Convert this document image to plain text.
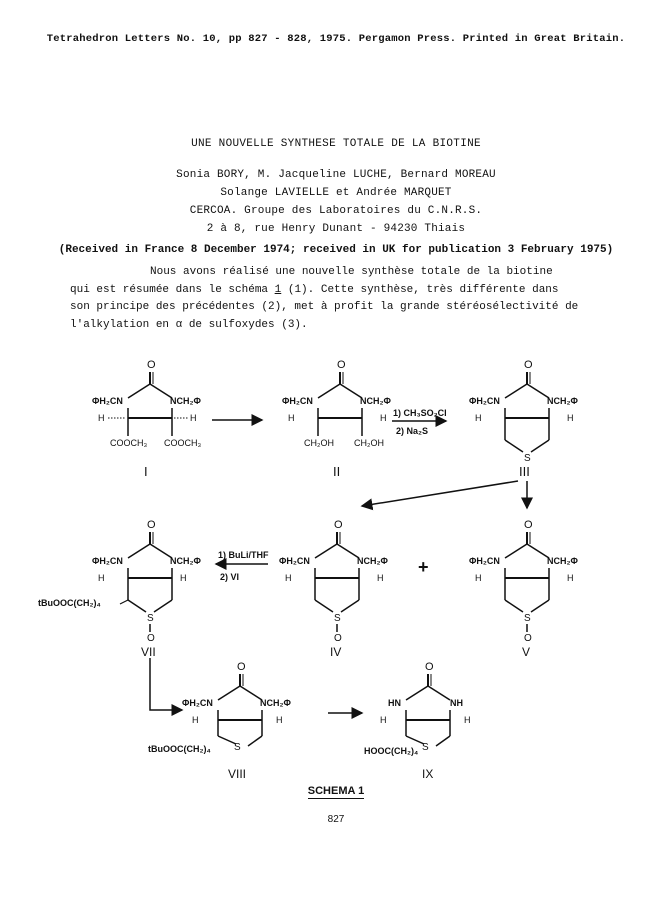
Tetrahedron Letters No. 10, pp 827 - 828, 1975. Pergamon Press. Printed in Great Britain.
UNE NOUVELLE SYNTHESE TOTALE DE LA BIOTINE
Sonia BORY, M. Jacqueline LUCHE, Bernard MOREAU
Solange LAVIELLE et Andrée MARQUET
CERCOA. Groupe des Laboratoires du C.N.R.S.
2 à 8, rue Henry Dunant - 94230 Thiais
(Received in France 8 December 1974; received in UK for publication 3 February 1975)

Nous avons réalisé une nouvelle synthèse totale de la biotine

qui est résumée dans le schéma 1 (1). Cette synthèse, très différente dans

son principe des précédentes (2), met à profit la grande stéréosélectivité de

l'alkylation en α de sulfoxydes (3).

O
ΦH₂CN	NCH₂Φ
H	H
COOCH₃ COOCH₃
I
O
ΦH₂CN	NCH₂Φ
H	H
CH₂OH CH₂OH
II
1) CH₃SO₂Cl
2) Na₂S
O
ΦH₂CN	NCH₂Φ
H	H
S
III
O
ΦH₂CN	NCH₂Φ
H	H
S
O
tBuOOC(CH₂)₄
VII
1) BuLi/THF
2) VI
O
ΦH₂CN	NCH₂Φ
H	H
S
O
IV
+
O
ΦH₂CN	NCH₂Φ
H	H
S
O
V
O
ΦH₂CN	NCH₂Φ
H	H
S
tBuOOC(CH₂)₄
VIII
O
HN	NH
H	H
S
HOOC(CH₂)₄
IX
SCHEMA 1
827
